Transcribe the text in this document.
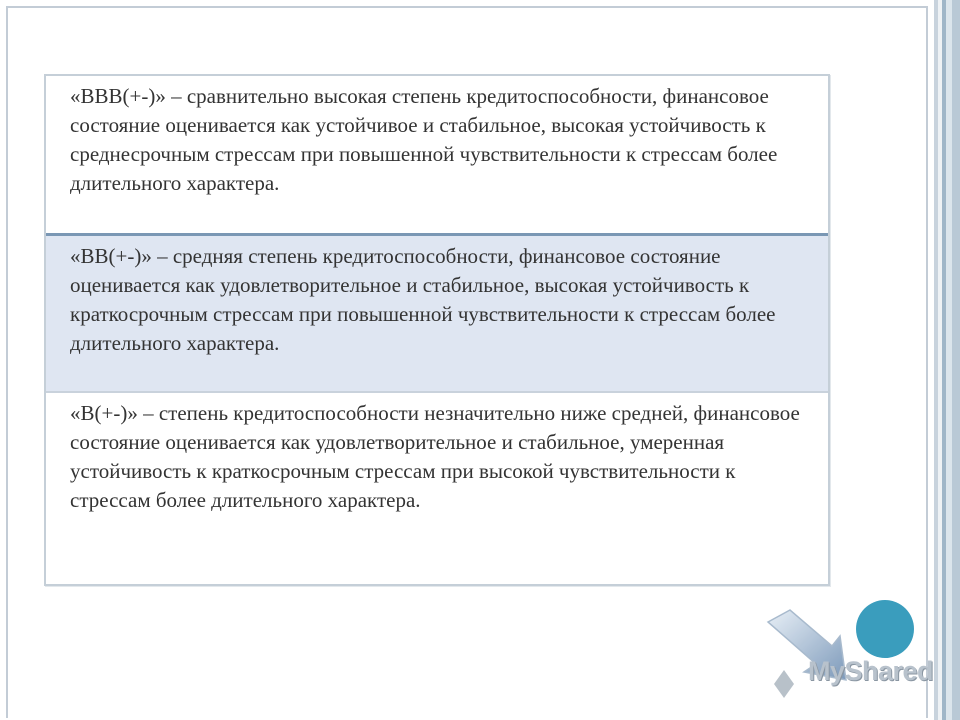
«ВВВ(+-)» – сравнительно высокая степень кредитоспособности, финансовое состояние оценивается как устойчивое и стабильное, высокая устойчивость к среднесрочным стрессам при повышенной чувствительности к стрессам более длительного характера.
«ВВ(+-)» – средняя степень кредитоспособности, финансовое состояние оценивается как удовлетворительное и стабильное, высокая устойчивость к краткосрочным стрессам при повышенной чувствительности к стрессам более длительного характера.
«В(+-)» – степень кредитоспособности незначительно ниже средней, финансовое состояние оценивается как удовлетворительное и стабильное, умеренная устойчивость к краткосрочным стрессам при высокой чувствительности к стрессам более длительного характера.
MyShared
